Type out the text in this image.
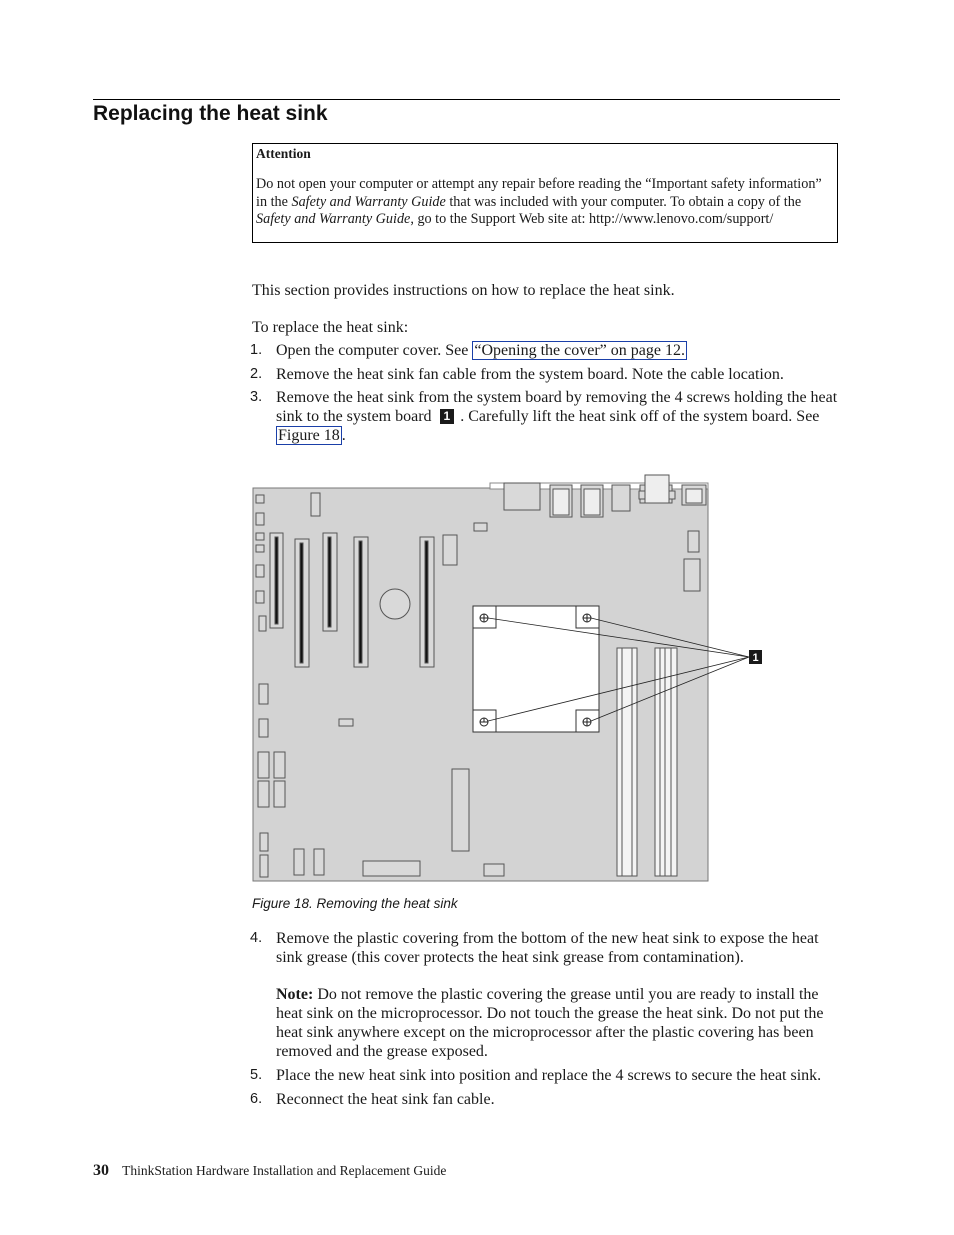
Replacing the heat sink
Attention

Do not open your computer or attempt any repair before reading the “Important safety information” in the Safety and Warranty Guide that was included with your computer. To obtain a copy of the Safety and Warranty Guide, go to the Support Web site at: http://www.lenovo.com/support/

This section provides instructions on how to replace the heat sink.

To replace the heat sink:

1. Open the computer cover. See “Opening the cover” on page 12.
2. Remove the heat sink fan cable from the system board. Note the cable location.
3. Remove the heat sink from the system board by removing the 4 screws holding the heat sink to the system board 1 . Carefully lift the heat sink off of the system board. See Figure 18 .
1

Figure 18. Removing the heat sink

4. Remove the plastic covering from the bottom of the new heat sink to expose the heat sink grease (this cover protects the heat sink grease from contamination).
Note: Do not remove the plastic covering the grease until you are ready to install the heat sink on the microprocessor. Do not touch the grease the heat sink. Do not put the heat sink anywhere except on the microprocessor after the plastic covering has been removed and the grease exposed.
5. Place the new heat sink into position and replace the 4 screws to secure the heat sink.
6. Reconnect the heat sink fan cable.
30 ThinkStation Hardware Installation and Replacement Guide
